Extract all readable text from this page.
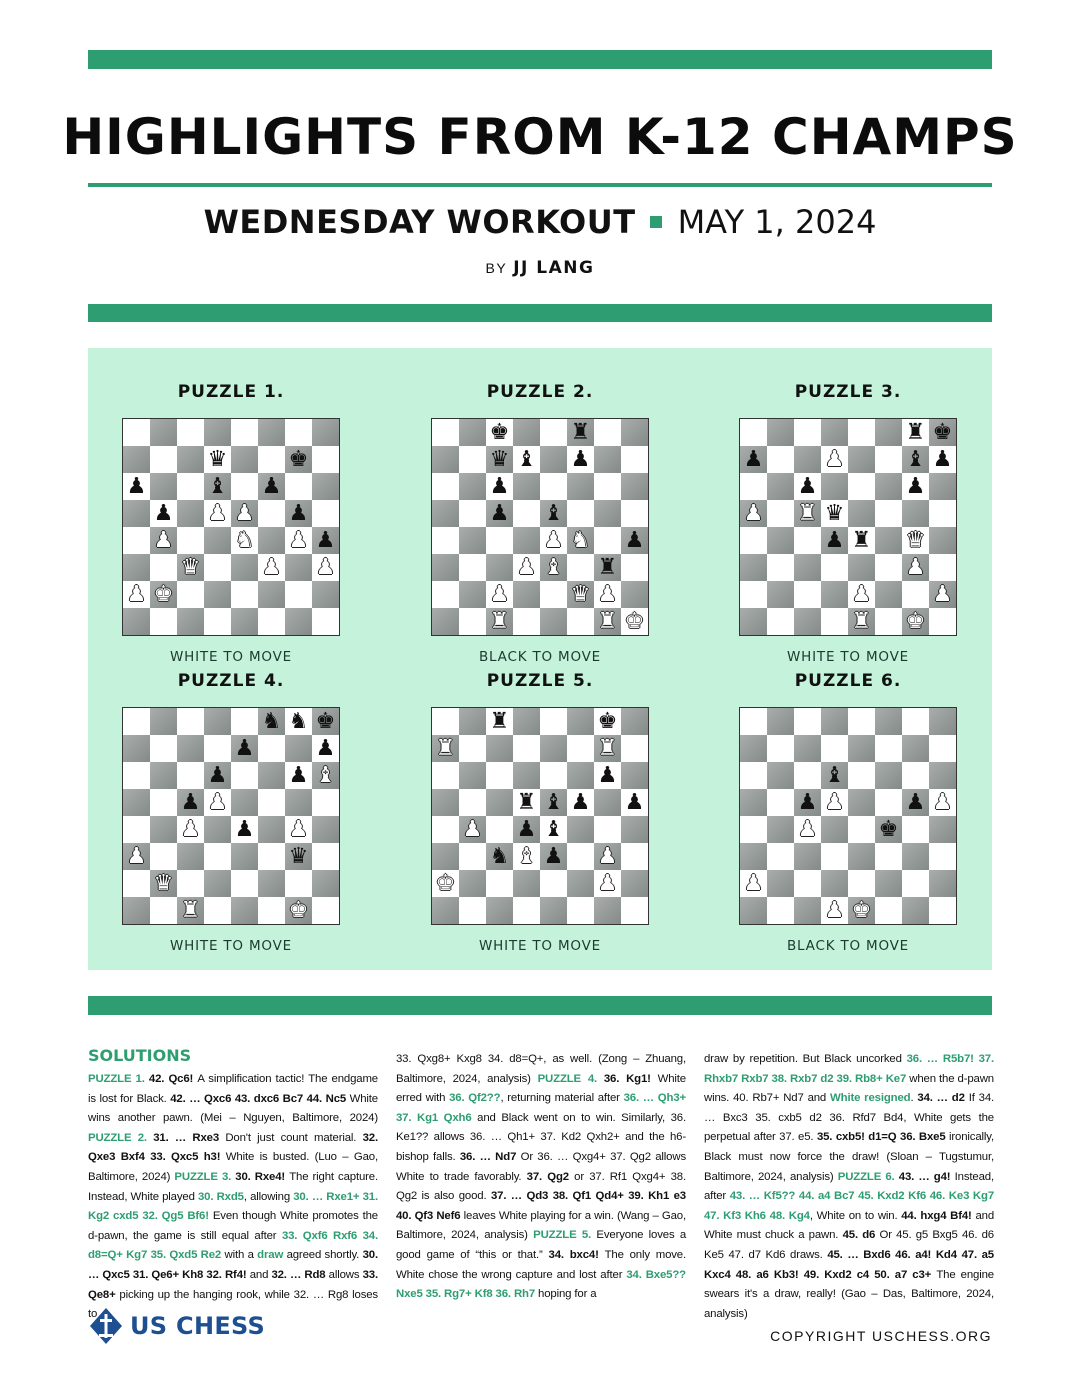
HIGHLIGHTS FROM K-12 CHAMPS
WEDNESDAY WORKOUT MAY 1, 2024
BY JJ LANG
PUZZLE 1.
♛	♚
♟	♝ ♟
♟ ♟ ♟ ♟
♟	♞ ♟ ♟
♛	♟ ♟
♟ ♚
WHITE TO MOVE
PUZZLE 2.
♚	♜
♛ ♝ ♟
♟
♟ ♝
♟ ♞ ♟
♟ ♝ ♜
♟	♛ ♟
♜	♜ ♚
BLACK TO MOVE
PUZZLE 3.
♜ ♚
♟	♟	♝ ♟
♟	♟
♟ ♜ ♛
♟ ♜ ♛
♟
♟	♟
♜ ♚
WHITE TO MOVE
PUZZLE 4.
♞ ♞ ♚
♟	♟
♟	♟ ♝
♟ ♟
♟ ♟ ♟
♟	♛
♛
♜	♚
WHITE TO MOVE
PUZZLE 5.
♜	♚
♜	♜
♟
♜ ♝ ♟ ♟
♟ ♟ ♝
♞ ♝ ♟ ♟
♚	♟
WHITE TO MOVE
PUZZLE 6.
♝
♟ ♟	♟ ♟
♟	♚
♟
♟ ♚
BLACK TO MOVE
SOLUTIONS
PUZZLE 1. 42. Qc6! A simplification tactic! The endgame is lost for Black. 42. … Qxc6 43. dxc6 Bc7 44. Nc5 White wins another pawn. (Mei – Nguyen, Baltimore, 2024) PUZZLE 2. 31. … Rxe3 Don't just count material. 32. Qxe3 Bxf4 33. Qxc5 h3! White is busted. (Luo – Gao, Baltimore, 2024) PUZZLE 3. 30. Rxe4! The right capture. Instead, White played 30. Rxd5, allowing 30. … Rxe1+ 31. Kg2 cxd5 32. Qg5 Bf6! Even though White promotes the d-pawn, the game is still equal after 33. Qxf6 Rxf6 34. d8=Q+ Kg7 35. Qxd5 Re2 with a draw agreed shortly. 30. … Qxc5 31. Qe6+ Kh8 32. Rf4! and 32. … Rd8 allows 33. Qe8+ picking up the hanging rook, while 32. … Rg8 loses to
33. Qxg8+ Kxg8 34. d8=Q+, as well. (Zong – Zhuang, Baltimore, 2024, analysis) PUZZLE 4. 36. Kg1! White erred with 36. Qf2??, returning material after 36. … Qh3+ 37. Kg1 Qxh6 and Black went on to win. Similarly, 36. Ke1?? allows 36. … Qh1+ 37. Kd2 Qxh2+ and the h6-bishop falls. 36. … Nd7 Or 36. … Qxg4+ 37. Qg2 allows White to trade favorably. 37. Qg2 or 37. Rf1 Qxg4+ 38. Qg2 is also good. 37. … Qd3 38. Qf1 Qd4+ 39. Kh1 e3 40. Qf3 Nef6 leaves White playing for a win. (Wang – Gao, Baltimore, 2024, analysis) PUZZLE 5. Everyone loves a good game of “this or that.” 34. bxc4! The only move. White chose the wrong capture and lost after 34. Bxe5?? Nxe5 35. Rg7+ Kf8 36. Rh7 hoping for a
draw by repetition. But Black uncorked 36. … R5b7! 37. Rhxb7 Rxb7 38. Rxb7 d2 39. Rb8+ Ke7 when the d-pawn wins. 40. Rb7+ Nd7 and White resigned. 34. … d2 If 34. … Bxc3 35. cxb5 d2 36. Rfd7 Bd4, White gets the perpetual after 37. e5. 35. cxb5! d1=Q 36. Bxe5 ironically, Black must now force the draw! (Sloan – Tugstumur, Baltimore, 2024, analysis) PUZZLE 6. 43. … g4! Instead, after 43. … Kf5?? 44. a4 Bc7 45. Kxd2 Kf6 46. Ke3 Kg7 47. Kf3 Kh6 48. Kg4, White on to win. 44. hxg4 Bf4! and White must chuck a pawn. 45. d6 Or 45. g5 Bxg5 46. d6 Ke5 47. d7 Kd6 draws. 45. … Bxd6 46. a4! Kd4 47. a5 Kxc4 48. a6 Kb3! 49. Kxd2 c4 50. a7 c3+ The engine swears it's a draw, really! (Gao – Das, Baltimore, 2024, analysis)
US CHESS	COPYRIGHT USCHESS.ORG
